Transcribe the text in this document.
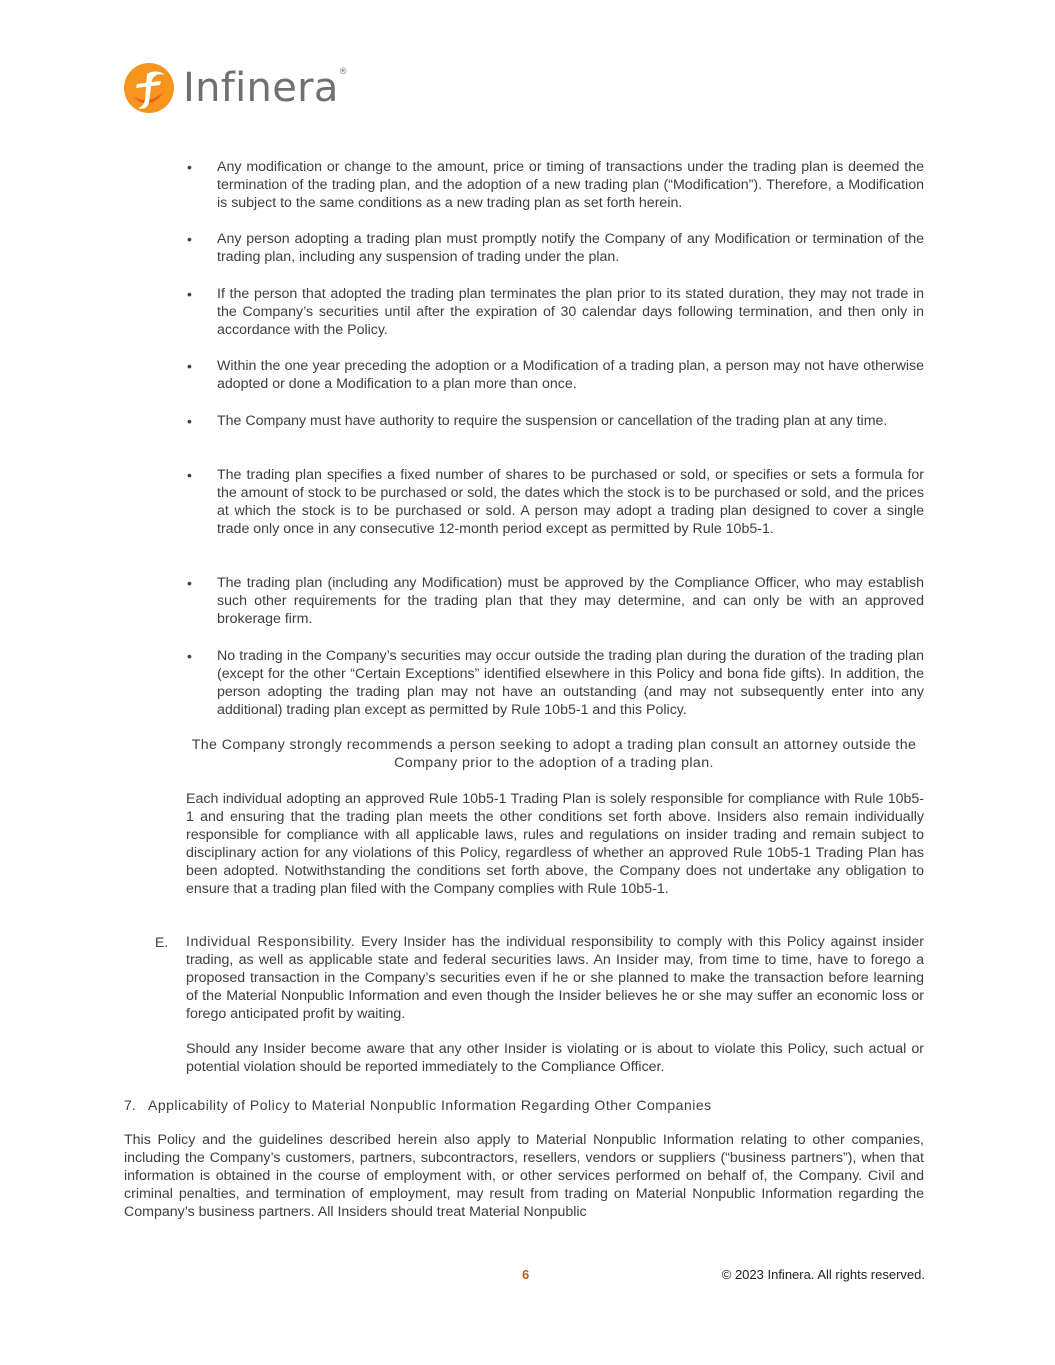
Infinera®
• Any modification or change to the amount, price or timing of transactions under the trading plan is deemed the termination of the trading plan, and the adoption of a new trading plan (“Modification”). Therefore, a Modification is subject to the same conditions as a new trading plan as set forth herein.

• Any person adopting a trading plan must promptly notify the Company of any Modification or termination of the trading plan, including any suspension of trading under the plan.

• If the person that adopted the trading plan terminates the plan prior to its stated duration, they may not trade in the Company’s securities until after the expiration of 30 calendar days following termination, and then only in accordance with the Policy.

• Within the one year preceding the adoption or a Modification of a trading plan, a person may not have otherwise adopted or done a Modification to a plan more than once.

• The Company must have authority to require the suspension or cancellation of the trading plan at any time.

• The trading plan specifies a fixed number of shares to be purchased or sold, or specifies or sets a formula for the amount of stock to be purchased or sold, the dates which the stock is to be purchased or sold, and the prices at which the stock is to be purchased or sold. A person may adopt a trading plan designed to cover a single trade only once in any consecutive 12-month period except as permitted by Rule 10b5-1.

• The trading plan (including any Modification) must be approved by the Compliance Officer, who may establish such other requirements for the trading plan that they may determine, and can only be with an approved brokerage firm.

• No trading in the Company’s securities may occur outside the trading plan during the duration of the trading plan (except for the other “Certain Exceptions” identified elsewhere in this Policy and bona fide gifts). In addition, the person adopting the trading plan may not have an outstanding (and may not subsequently enter into any additional) trading plan except as permitted by Rule 10b5-1 and this Policy.

The Company strongly recommends a person seeking to adopt a trading plan consult an attorney outside the Company prior to the adoption of a trading plan.

Each individual adopting an approved Rule 10b5-1 Trading Plan is solely responsible for compliance with Rule 10b5-1 and ensuring that the trading plan meets the other conditions set forth above. Insiders also remain individually responsible for compliance with all applicable laws, rules and regulations on insider trading and remain subject to disciplinary action for any violations of this Policy, regardless of whether an approved Rule 10b5-1 Trading Plan has been adopted. Notwithstanding the conditions set forth above, the Company does not undertake any obligation to ensure that a trading plan filed with the Company complies with Rule 10b5-1.

E. Individual Responsibility. Every Insider has the individual responsibility to comply with this Policy against insider trading, as well as applicable state and federal securities laws. An Insider may, from time to time, have to forego a proposed transaction in the Company’s securities even if he or she planned to make the transaction before learning of the Material Nonpublic Information and even though the Insider believes he or she may suffer an economic loss or forego anticipated profit by waiting.

Should any Insider become aware that any other Insider is violating or is about to violate this Policy, such actual or potential violation should be reported immediately to the Compliance Officer.

7. Applicability of Policy to Material Nonpublic Information Regarding Other Companies

This Policy and the guidelines described herein also apply to Material Nonpublic Information relating to other companies, including the Company’s customers, partners, subcontractors, resellers, vendors or suppliers (“business partners”), when that information is obtained in the course of employment with, or other services performed on behalf of, the Company. Civil and criminal penalties, and termination of employment, may result from trading on Material Nonpublic Information regarding the Company’s business partners. All Insiders should treat Material Nonpublic

6	© 2023 Infinera. All rights reserved.
